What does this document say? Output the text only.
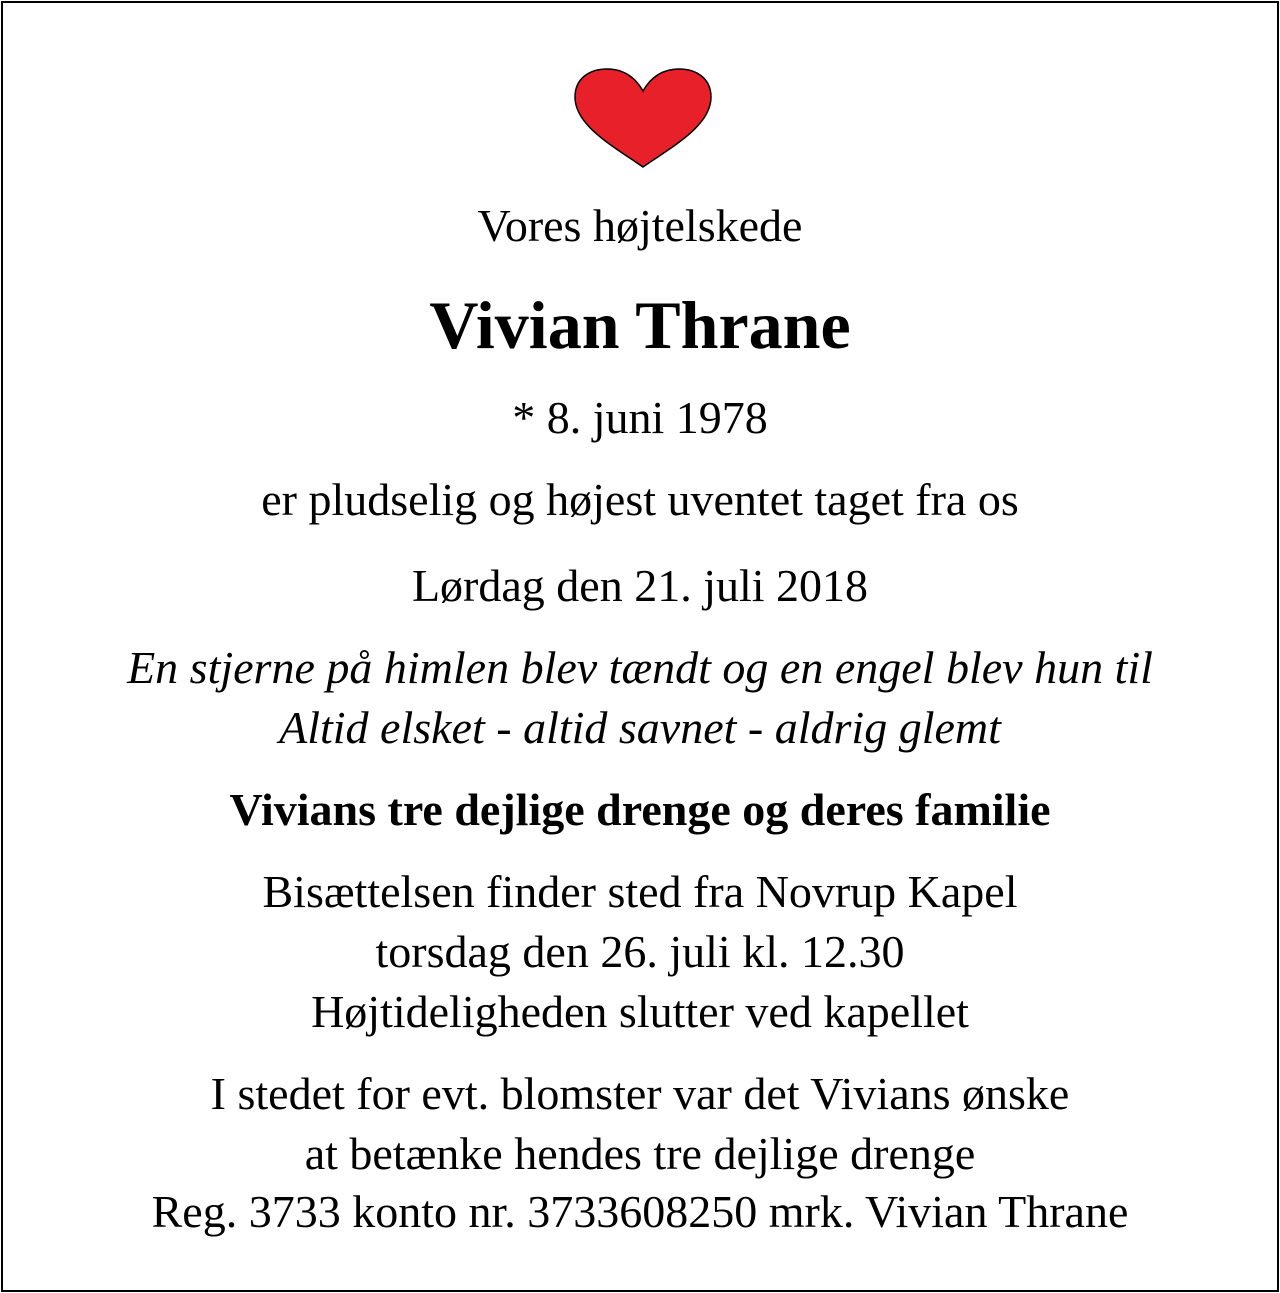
Vores højtelskede
Vivian Thrane
* 8. juni 1978
er pludselig og højest uventet taget fra os
Lørdag den 21. juli 2018
En stjerne på himlen blev tændt og en engel blev hun til
Altid elsket - altid savnet - aldrig glemt
Vivians tre dejlige drenge og deres familie
Bisættelsen finder sted fra Novrup Kapel
torsdag den 26. juli kl. 12.30
Højtideligheden slutter ved kapellet
I stedet for evt. blomster var det Vivians ønske
at betænke hendes tre dejlige drenge
Reg. 3733 konto nr. 3733608250 mrk. Vivian Thrane
